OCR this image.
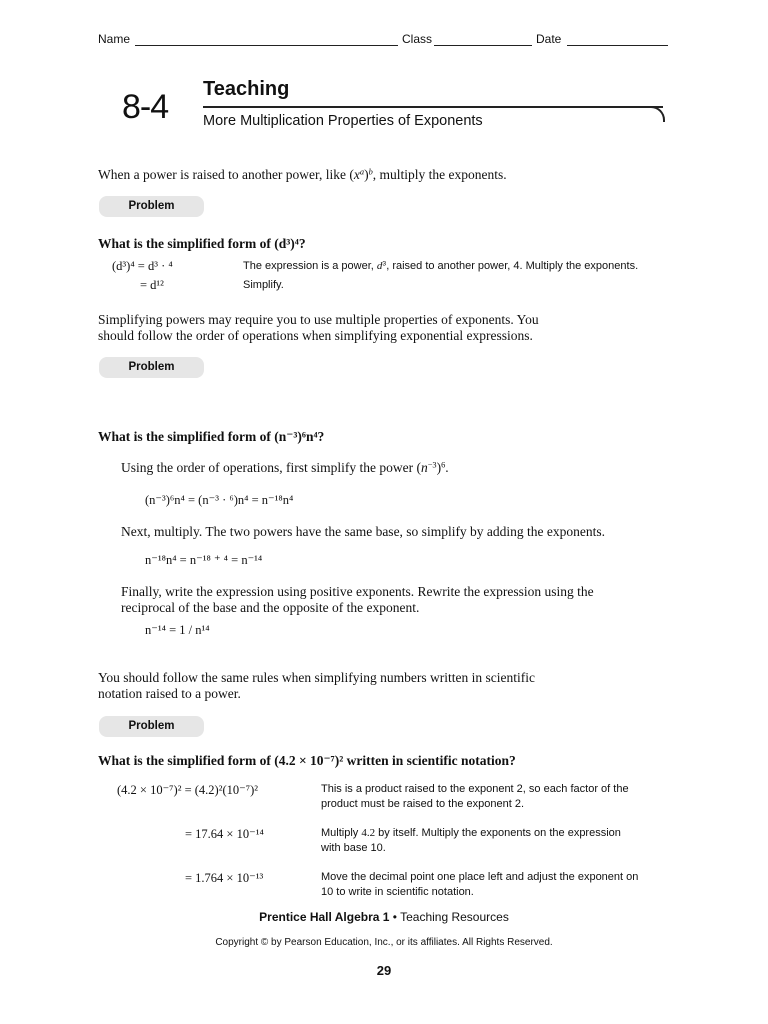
Name	Class	Date
8-4 Teaching
More Multiplication Properties of Exponents
When a power is raised to another power, like $(x^a)^b$, multiply the exponents.
Problem
What is the simplified form of (d³)⁴?
(d³)⁴ = d³ · ⁴	The expression is a power, $d^3$, raised to another power, 4. Multiply the exponents.
= d¹²	Simplify.
Simplifying powers may require you to use multiple properties of exponents. You
should follow the order of operations when simplifying exponential expressions.
Problem
What is the simplified form of (n⁻³)⁶n⁴?
Using the order of operations, first simplify the power $(n^{-3})^6$.
(n⁻³)⁶n⁴ = (n⁻³ · ⁶)n⁴ = n⁻¹⁸n⁴
Next, multiply. The two powers have the same base, so simplify by adding the exponents.
n⁻¹⁸n⁴ = n⁻¹⁸ ⁺ ⁴ = n⁻¹⁴
Finally, write the expression using positive exponents. Rewrite the expression using the
reciprocal of the base and the opposite of the exponent.
n⁻¹⁴ = 1 / n¹⁴
You should follow the same rules when simplifying numbers written in scientific
notation raised to a power.
Problem
What is the simplified form of (4.2 × 10⁻⁷)² written in scientific notation?
(4.2 × 10⁻⁷)² = (4.2)²(10⁻⁷)²	This is a product raised to the exponent 2, so each factor of the
product must be raised to the exponent 2.
= 17.64 × 10⁻¹⁴	Multiply 4.2 by itself. Multiply the exponents on the expression
with base 10.
= 1.764 × 10⁻¹³	Move the decimal point one place left and adjust the exponent on
10 to write in scientific notation.
Prentice Hall Algebra 1 • Teaching Resources
Copyright © by Pearson Education, Inc., or its affiliates. All Rights Reserved.
29
